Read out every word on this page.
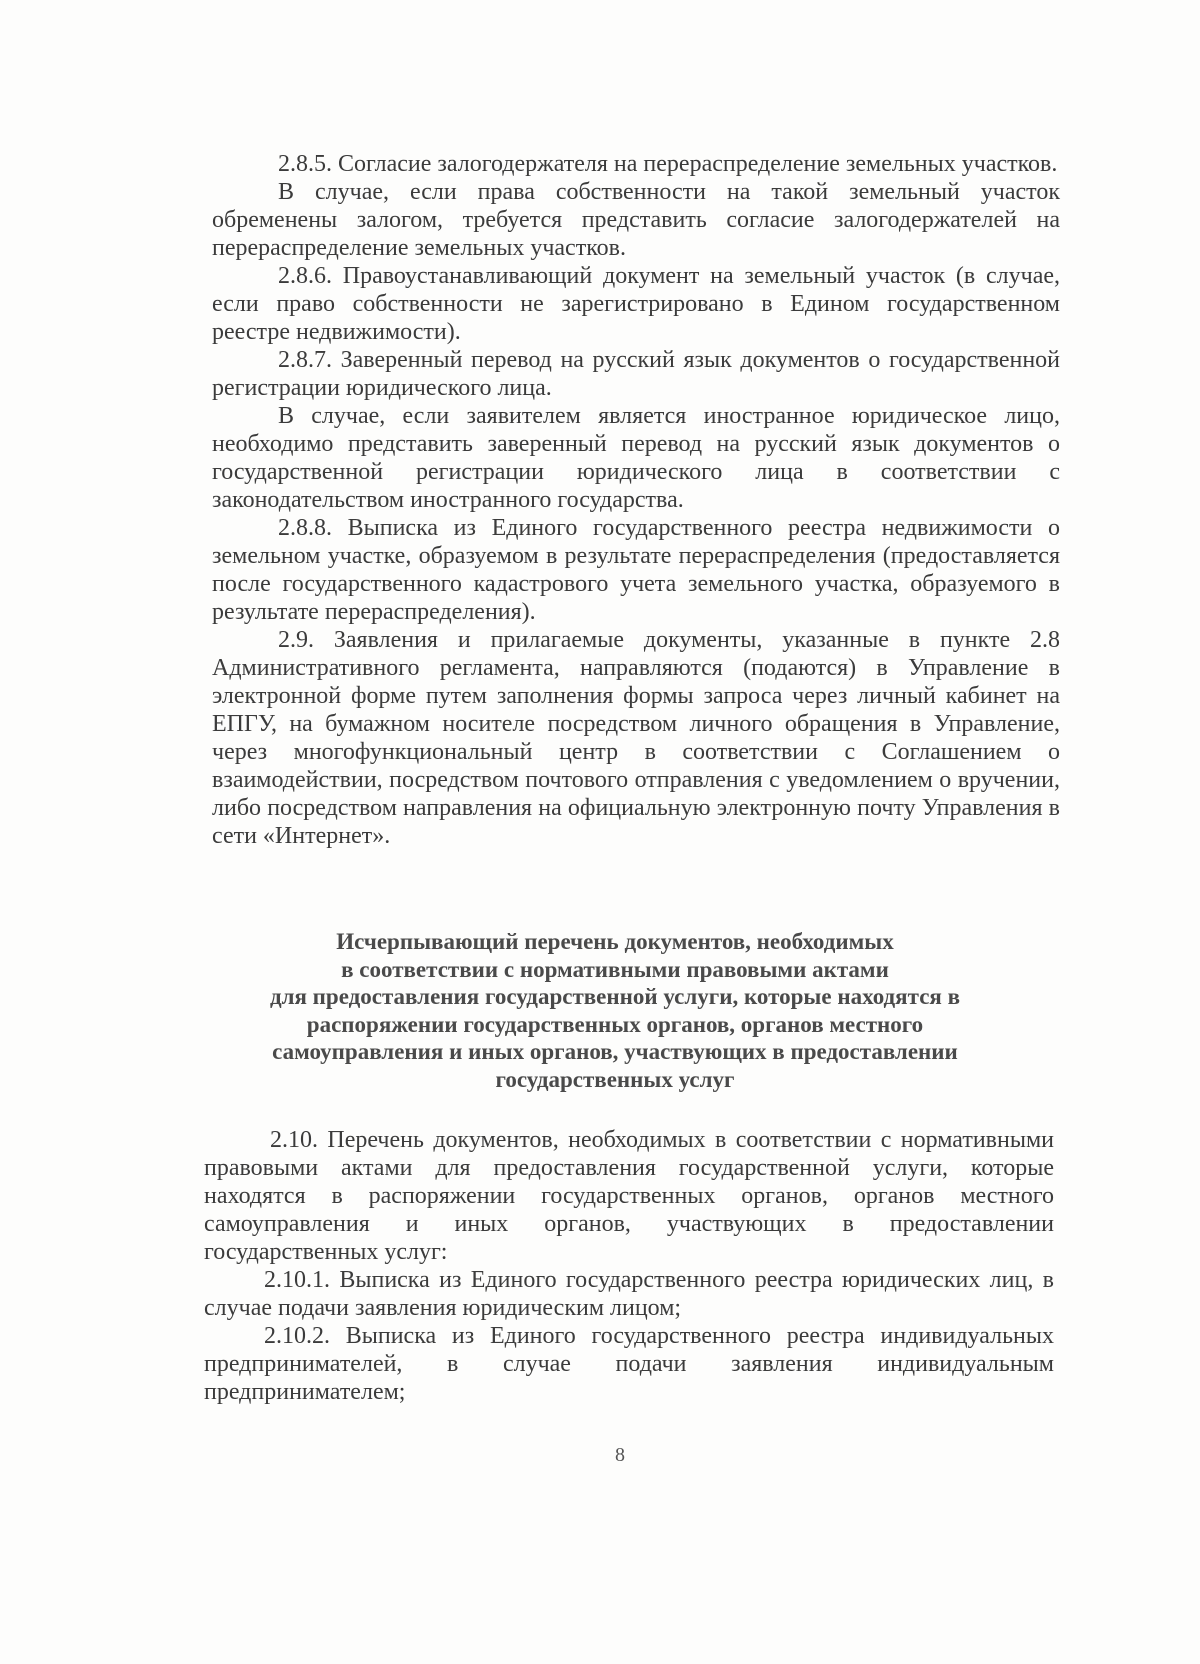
2.8.5. Согласие залогодержателя на перераспределение земельных участков.

В случае, если права собственности на такой земельный участок обременены залогом, требуется представить согласие залогодержателей на перераспределение земельных участков.

2.8.6. Правоустанавливающий документ на земельный участок (в случае, если право собственности не зарегистрировано в Едином государственном реестре недвижимости).

2.8.7. Заверенный перевод на русский язык документов о государственной регистрации юридического лица.

В случае, если заявителем является иностранное юридическое лицо, необходимо представить заверенный перевод на русский язык документов о государственной регистрации юридического лица в соответствии с законодательством иностранного государства.

2.8.8. Выписка из Единого государственного реестра недвижимости о земельном участке, образуемом в результате перераспределения (предоставляется после государственного кадастрового учета земельного участка, образуемого в результате перераспределения).

2.9. Заявления и прилагаемые документы, указанные в пункте 2.8 Административного регламента, направляются (подаются) в Управление в электронной форме путем заполнения формы запроса через личный кабинет на ЕПГУ, на бумажном носителе посредством личного обращения в Управление, через многофункциональный центр в соответствии с Соглашением о взаимодействии, посредством почтового отправления с уведомлением о вручении, либо посредством направления на официальную электронную почту Управления в сети «Интернет».

Исчерпывающий перечень документов, необходимых
в соответствии с нормативными правовыми актами
для предоставления государственной услуги, которые находятся в
распоряжении государственных органов, органов местного
самоуправления и иных органов, участвующих в предоставлении
государственных услуг

2.10. Перечень документов, необходимых в соответствии с нормативными правовыми актами для предоставления государственной услуги, которые находятся в распоряжении государственных органов, органов местного самоуправления и иных органов, участвующих в предоставлении государственных услуг:

2.10.1. Выписка из Единого государственного реестра юридических лиц, в случае подачи заявления юридическим лицом;

2.10.2. Выписка из Единого государственного реестра индивидуальных предпринимателей, в случае подачи заявления индивидуальным предпринимателем;

8
